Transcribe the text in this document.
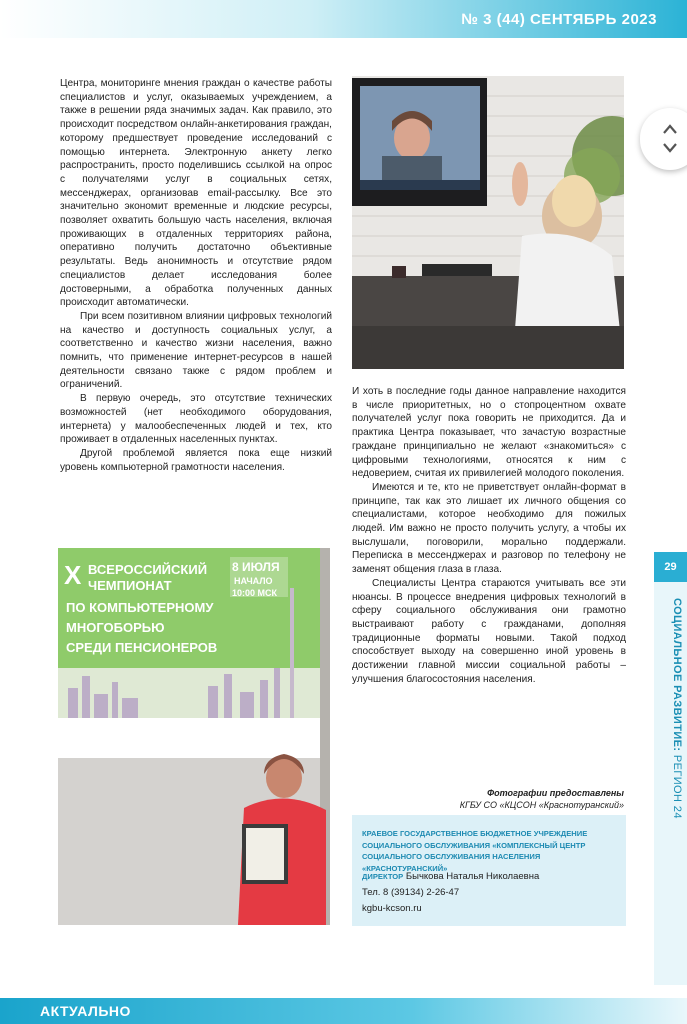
№ 3 (44) СЕНТЯБРЬ 2023

Центра, мониторинге мнения граждан о качестве работы специалистов и услуг, оказываемых учреждением, а также в решении ряда значимых задач. Как правило, это происходит посредством онлайн-анкетирования граждан, которому предшествует проведение исследований с помощью интернета. Электронную анкету легко распространить, просто поделившись ссылкой на опрос с получателями услуг в социальных сетях, мессенджерах, организовав email-рассылку. Все это значительно экономит временные и людские ресурсы, позволяет охватить большую часть населения, включая проживающих в отдаленных территориях района, оперативно получить достаточно объективные результаты. Ведь анонимность и отсутствие рядом специалистов делает исследования более достоверными, а обработка полученных данных происходит автоматически.

При всем позитивном влиянии цифровых технологий на качество и доступность социальных услуг, а соответственно и качество жизни населения, важно помнить, что применение интернет-ресурсов в нашей деятельности связано также с рядом проблем и ограничений.

В первую очередь, это отсутствие технических возможностей (нет необходимого оборудования, интернета) у малообеспеченных людей и тех, кто проживает в отдаленных населенных пунктах.

Другой проблемой является пока еще низкий уровень компьютерной грамотности населения.

И хоть в последние годы данное направление находится в числе приоритетных, но о стопроцентном охвате получателей услуг пока говорить не приходится. Да и практика Центра показывает, что зачастую возрастные граждане принципиально не желают «знакомиться» с цифровыми технологиями, относятся к ним с недоверием, считая их привилегией молодого поколения.

Имеются и те, кто не приветствует онлайн-формат в принципе, так как это лишает их личного общения со специалистами, которое необходимо для пожилых людей. Им важно не просто получить услугу, а чтобы их выслушали, поговорили, морально поддержали. Переписка в мессенджерах и разговор по телефону не заменят общения глаза в глаза.

Специалисты Центра стараются учитывать все эти нюансы. В процессе внедрения цифровых технологий в сферу социального обслуживания они грамотно выстраивают работу с гражданами, дополняя традиционные форматы новыми. Такой подход способствует выходу на совершенно иной уровень в достижении главной миссии социальной работы – улучшения благосостояния населения.

X ВСЕРОССИЙСКИЙ
ЧЕМПИОНАТ
ПО КОМПЬЮТЕРНОМУ
МНОГОБОРЬЮ
СРЕДИ ПЕНСИОНЕРОВ
8 ИЮЛЯ
НАЧАЛО
10:00 МСК
Фотографии предоставлены
КГБУ СО «КЦСОН «Краснотуранский»
КРАЕВОЕ ГОСУДАРСТВЕННОЕ БЮДЖЕТНОЕ УЧРЕЖДЕНИЕ СОЦИАЛЬНОГО ОБСЛУЖИВАНИЯ «КОМПЛЕКСНЫЙ ЦЕНТР СОЦИАЛЬНОГО ОБСЛУЖИВАНИЯ НАСЕЛЕНИЯ «КРАСНОТУРАНСКИЙ»
ДИРЕКТОР Бычкова Наталья Николаевна
Тел. 8 (39134) 2-26-47
kgbu-kcson.ru
29
СОЦИАЛЬНОЕ РАЗВИТИЕ: РЕГИОН 24
АКТУАЛЬНО
